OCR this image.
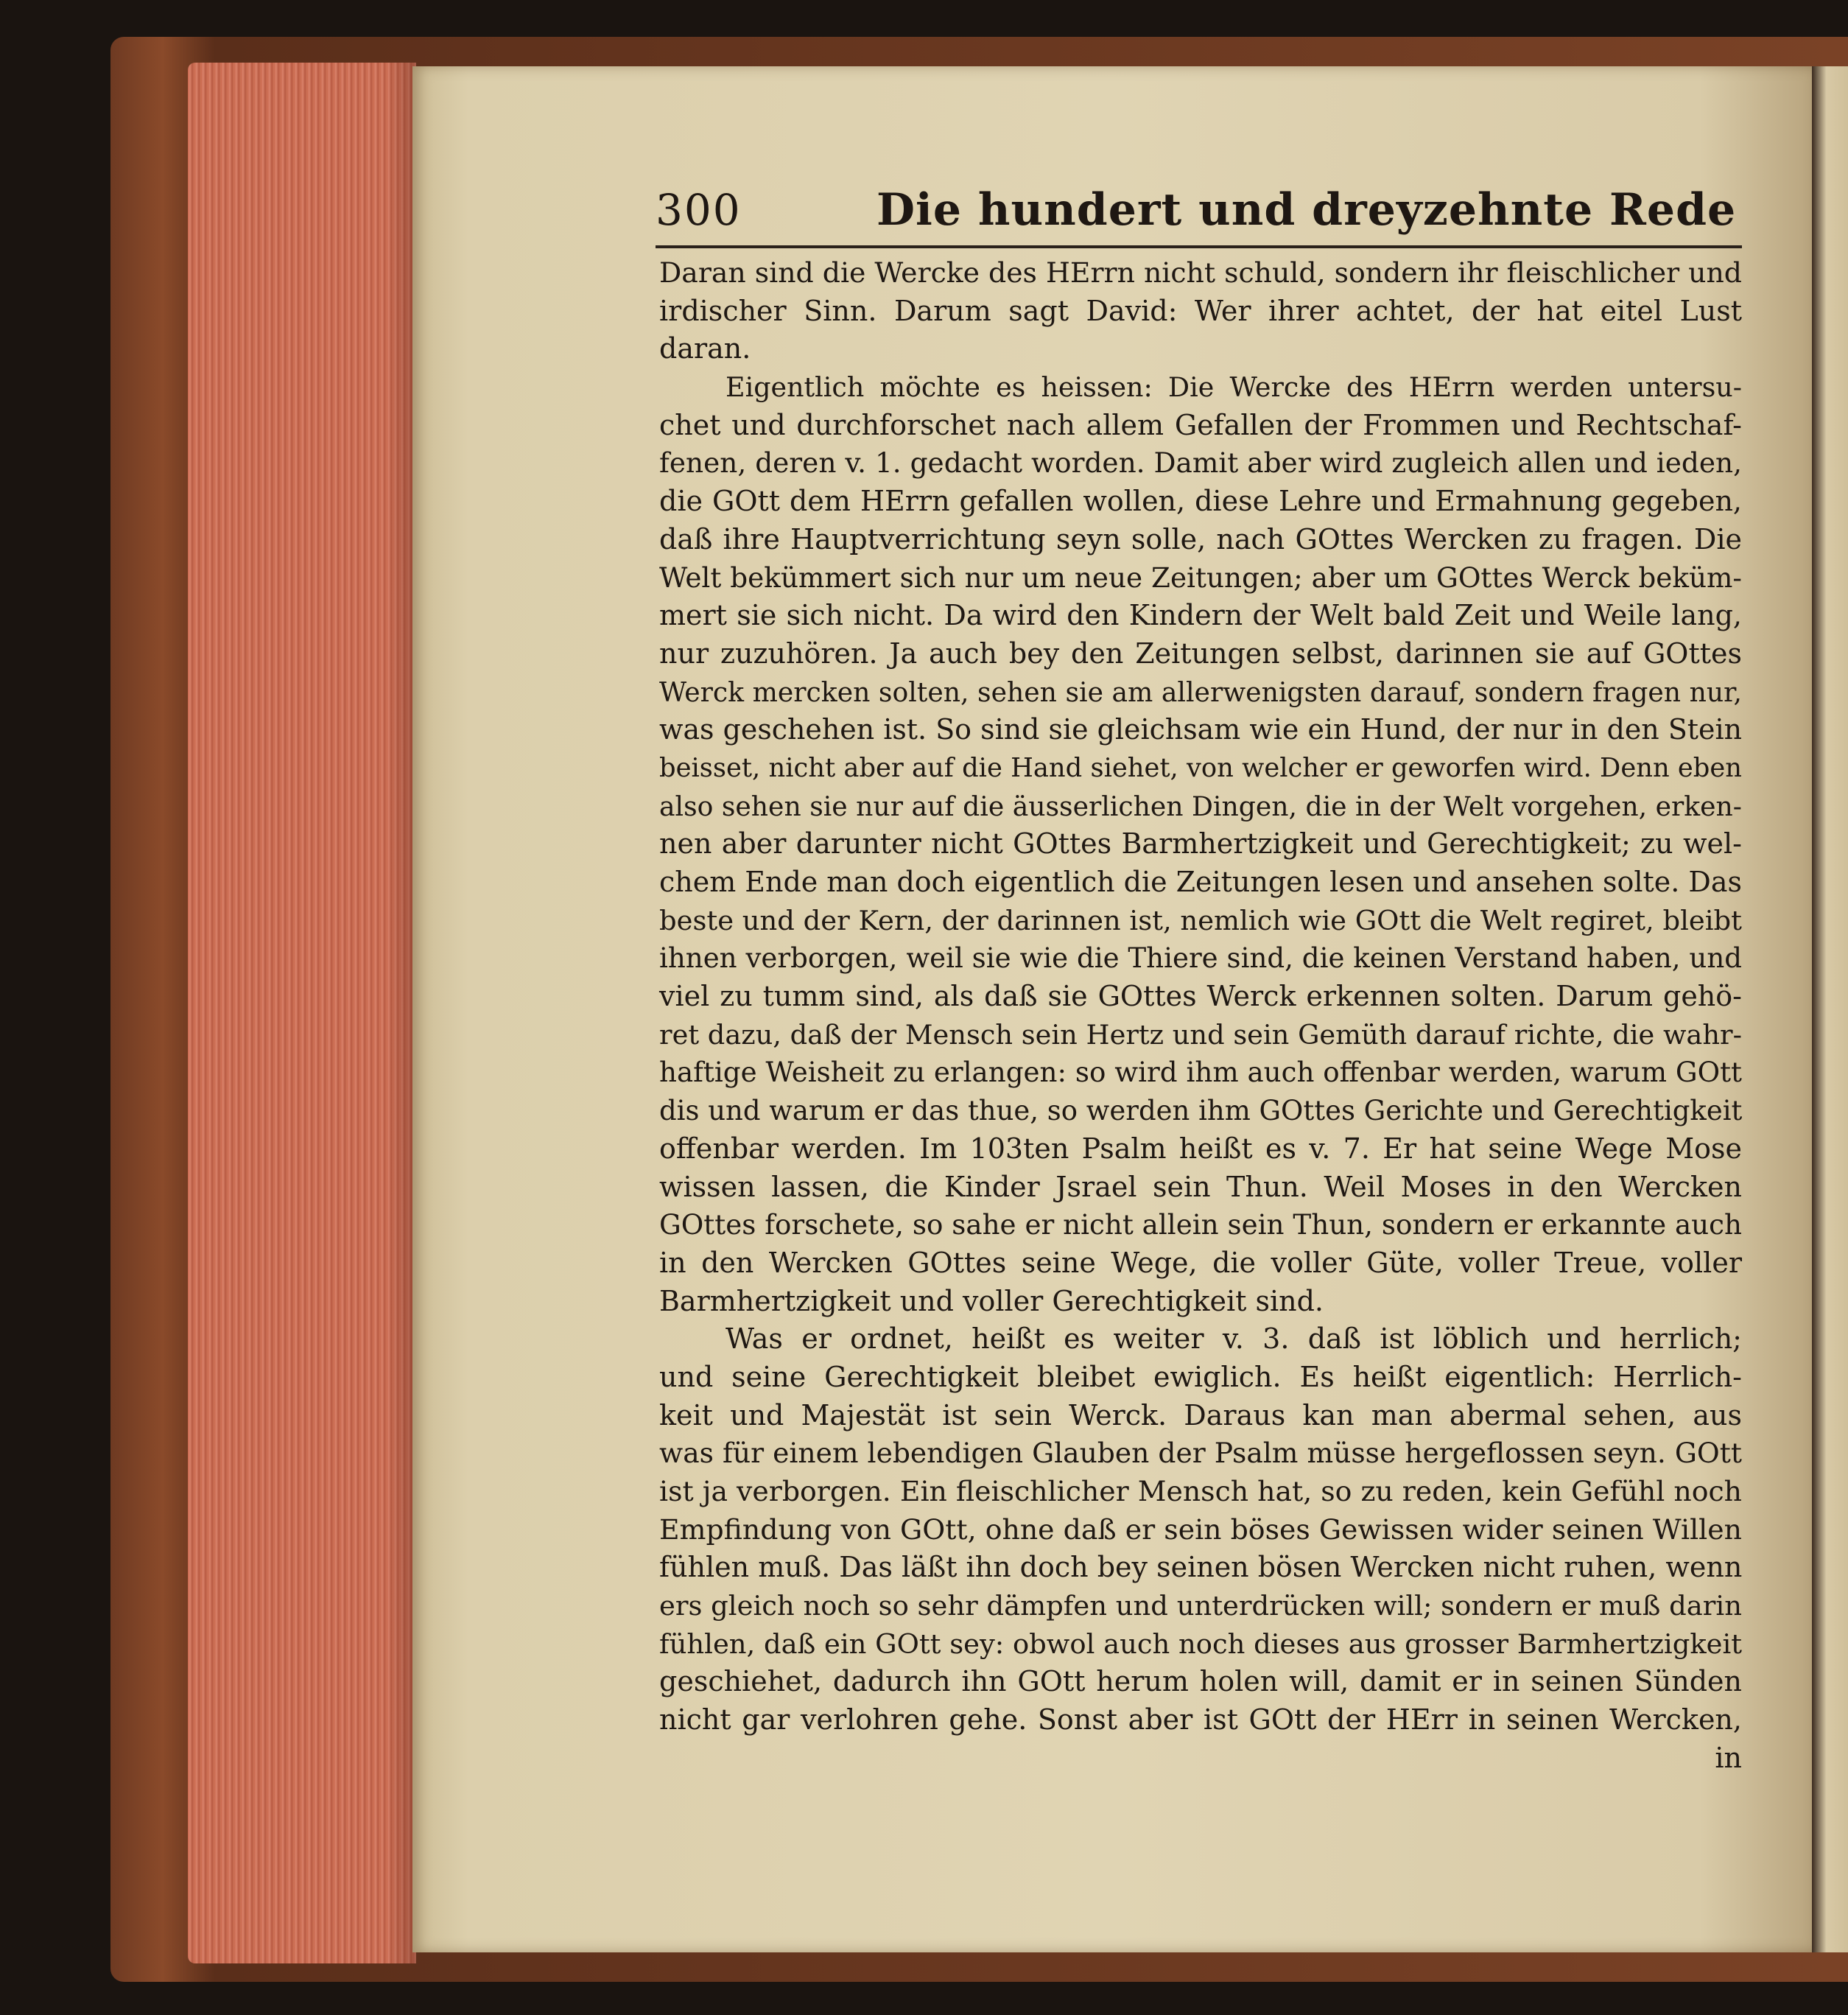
300	Die hundert und dreyzehnte Rede
Daran sind die Wercke des HErrn nicht schuld, sondern ihr fleischlicher und
irdischer Sinn. Darum sagt David: Wer ihrer achtet, der hat eitel Lust
daran.
Eigentlich möchte es heissen: Die Wercke des HErrn werden untersu-
chet und durchforschet nach allem Gefallen der Frommen und Rechtschaf-
fenen, deren v. 1. gedacht worden. Damit aber wird zugleich allen und ieden,
die GOtt dem HErrn gefallen wollen, diese Lehre und Ermahnung gegeben,
daß ihre Hauptverrichtung seyn solle, nach GOttes Wercken zu fragen. Die
Welt bekümmert sich nur um neue Zeitungen; aber um GOttes Werck beküm-
mert sie sich nicht. Da wird den Kindern der Welt bald Zeit und Weile lang,
nur zuzuhören. Ja auch bey den Zeitungen selbst, darinnen sie auf GOttes
Werck mercken solten, sehen sie am allerwenigsten darauf, sondern fragen nur,
was geschehen ist. So sind sie gleichsam wie ein Hund, der nur in den Stein
beisset, nicht aber auf die Hand siehet, von welcher er geworfen wird. Denn eben
also sehen sie nur auf die äusserlichen Dingen, die in der Welt vorgehen, erken-
nen aber darunter nicht GOttes Barmhertzigkeit und Gerechtigkeit; zu wel-
chem Ende man doch eigentlich die Zeitungen lesen und ansehen solte. Das
beste und der Kern, der darinnen ist, nemlich wie GOtt die Welt regiret, bleibt
ihnen verborgen, weil sie wie die Thiere sind, die keinen Verstand haben, und
viel zu tumm sind, als daß sie GOttes Werck erkennen solten. Darum gehö-
ret dazu, daß der Mensch sein Hertz und sein Gemüth darauf richte, die wahr-
haftige Weisheit zu erlangen: so wird ihm auch offenbar werden, warum GOtt
dis und warum er das thue, so werden ihm GOttes Gerichte und Gerechtigkeit
offenbar werden. Im 103ten Psalm heißt es v. 7. Er hat seine Wege Mose
wissen lassen, die Kinder Jsrael sein Thun. Weil Moses in den Wercken
GOttes forschete, so sahe er nicht allein sein Thun, sondern er erkannte auch
in den Wercken GOttes seine Wege, die voller Güte, voller Treue, voller
Barmhertzigkeit und voller Gerechtigkeit sind.
Was er ordnet, heißt es weiter v. 3. daß ist löblich und herrlich;
und seine Gerechtigkeit bleibet ewiglich. Es heißt eigentlich: Herrlich-
keit und Majestät ist sein Werck. Daraus kan man abermal sehen, aus
was für einem lebendigen Glauben der Psalm müsse hergeflossen seyn. GOtt
ist ja verborgen. Ein fleischlicher Mensch hat, so zu reden, kein Gefühl noch
Empfindung von GOtt, ohne daß er sein böses Gewissen wider seinen Willen
fühlen muß. Das läßt ihn doch bey seinen bösen Wercken nicht ruhen, wenn
ers gleich noch so sehr dämpfen und unterdrücken will; sondern er muß darin
fühlen, daß ein GOtt sey: obwol auch noch dieses aus grosser Barmhertzigkeit
geschiehet, dadurch ihn GOtt herum holen will, damit er in seinen Sünden
nicht gar verlohren gehe. Sonst aber ist GOtt der HErr in seinen Wercken,
in
